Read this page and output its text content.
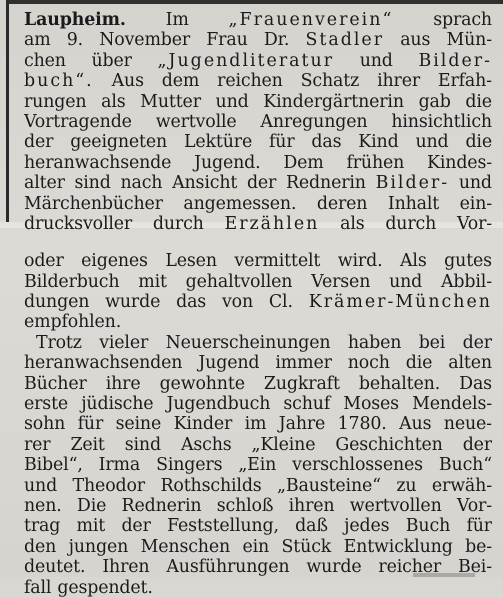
Laupheim. Im „Frauenverein“ sprach
am 9. November Frau Dr. Stadler aus Mün-
chen über „Jugendliteratur und Bilder-
buch“. Aus dem reichen Schatz ihrer Erfah-
rungen als Mutter und Kindergärtnerin gab die
Vortragende wertvolle Anregungen hinsichtlich
der geeigneten Lektüre für das Kind und die
heranwachsende Jugend. Dem frühen Kindes-
alter sind nach Ansicht der Rednerin Bilder- und
Märchenbücher angemessen. deren Inhalt ein-
drucksvoller durch Erzählen als durch Vor-
oder eigenes Lesen vermittelt wird. Als gutes
Bilderbuch mit gehaltvollen Versen und Abbil-
dungen wurde das von Cl. Krämer-München
empfohlen.
Trotz vieler Neuerscheinungen haben bei der
heranwachsenden Jugend immer noch die alten
Bücher ihre gewohnte Zugkraft behalten. Das
erste jüdische Jugendbuch schuf Moses Mendels-
sohn für seine Kinder im Jahre 1780. Aus neue-
rer Zeit sind Aschs „Kleine Geschichten der
Bibel“, Irma Singers „Ein verschlossenes Buch“
und Theodor Rothschilds „Bausteine“ zu erwäh-
nen. Die Rednerin schloß ihren wertvollen Vor-
trag mit der Feststellung, daß jedes Buch für
den jungen Menschen ein Stück Entwicklung be-
deutet. Ihren Ausführungen wurde reicher Bei-
fall gespendet.
